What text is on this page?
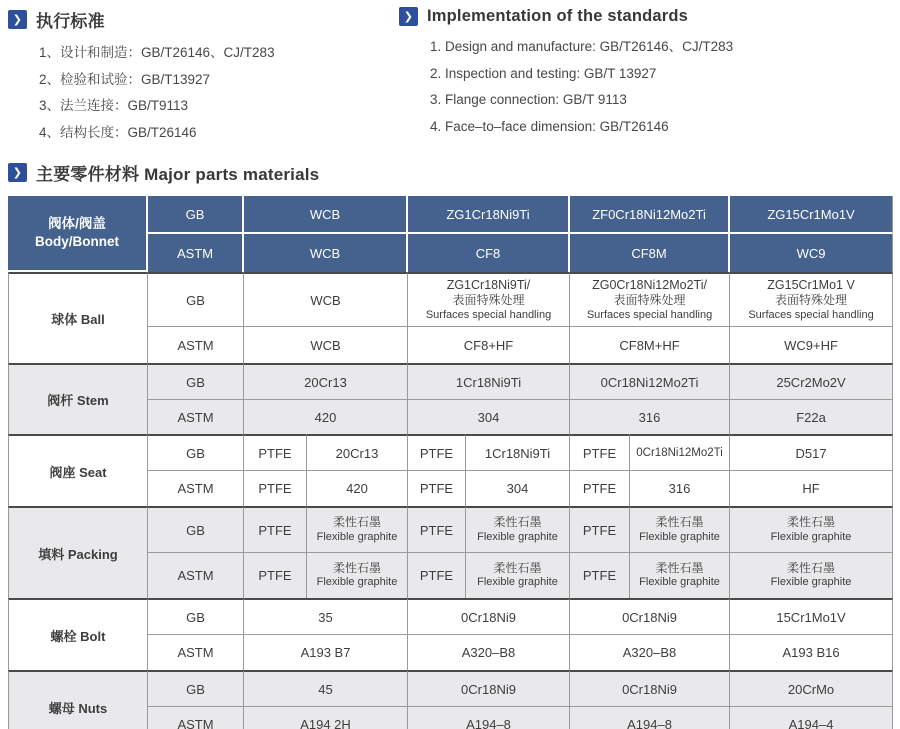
❯ 执行标准
1、设计和制造：GB/T26146、CJ/T283
2、检验和试验：GB/T13927
3、法兰连接：GB/T9113
4、结构长度：GB/T26146
❯ Implementation of the standards
1. Design and manufacture: GB/T26146、CJ/T283
2. Inspection and testing: GB/T 13927
3. Flange connection: GB/T 9113
4. Face–to–face dimension: GB/T26146
❯ 主要零件材料 Major parts materials
阀体/阀盖
Body/Bonnet	GB	WCB		ZG1Cr18Ni9Ti		ZF0Cr18Ni12Mo2Ti		ZG15Cr1Mo1V
	ASTM	WCB		CF8		CF8M		WC9
球体 Ball	GB	WCB		ZG1Cr18Ni9Ti/
表面特殊处理
Surfaces special handling		ZG0Cr18Ni12Mo2Ti/
表面特殊处理
Surfaces special handling		ZG15Cr1Mo1 V
表面特殊处理
Surfaces special handling

	ASTM	WCB		CF8+HF		CF8M+HF		WC9+HF
阀杆 Stem	GB	20Cr13		1Cr18Ni9Ti		0Cr18Ni12Mo2Ti		25Cr2Mo2V
	ASTM	420		304		316		F22a
阀座 Seat	GB	PTFE	20Cr13	PTFE	1Cr18Ni9Ti	PTFE	0Cr18Ni12Mo2Ti	D517
	ASTM	PTFE	420	PTFE	304	PTFE	316	HF
填料 Packing	GB	PTFE	柔性石墨
Flexible graphite	PTFE	柔性石墨
Flexible graphite	PTFE	柔性石墨
Flexible graphite	柔性石墨
Flexible graphite

	ASTM	PTFE	柔性石墨
Flexible graphite	PTFE	柔性石墨
Flexible graphite	PTFE	柔性石墨
Flexible graphite	柔性石墨
Flexible graphite

螺栓 Bolt	GB	35		0Cr18Ni9		0Cr18Ni9		15Cr1Mo1V
	ASTM	A193 B7		A320–B8		A320–B8		A193 B16
螺母 Nuts	GB	45		0Cr18Ni9		0Cr18Ni9		20CrMo
	ASTM	A194 2H		A194–8		A194–8		A194–4
